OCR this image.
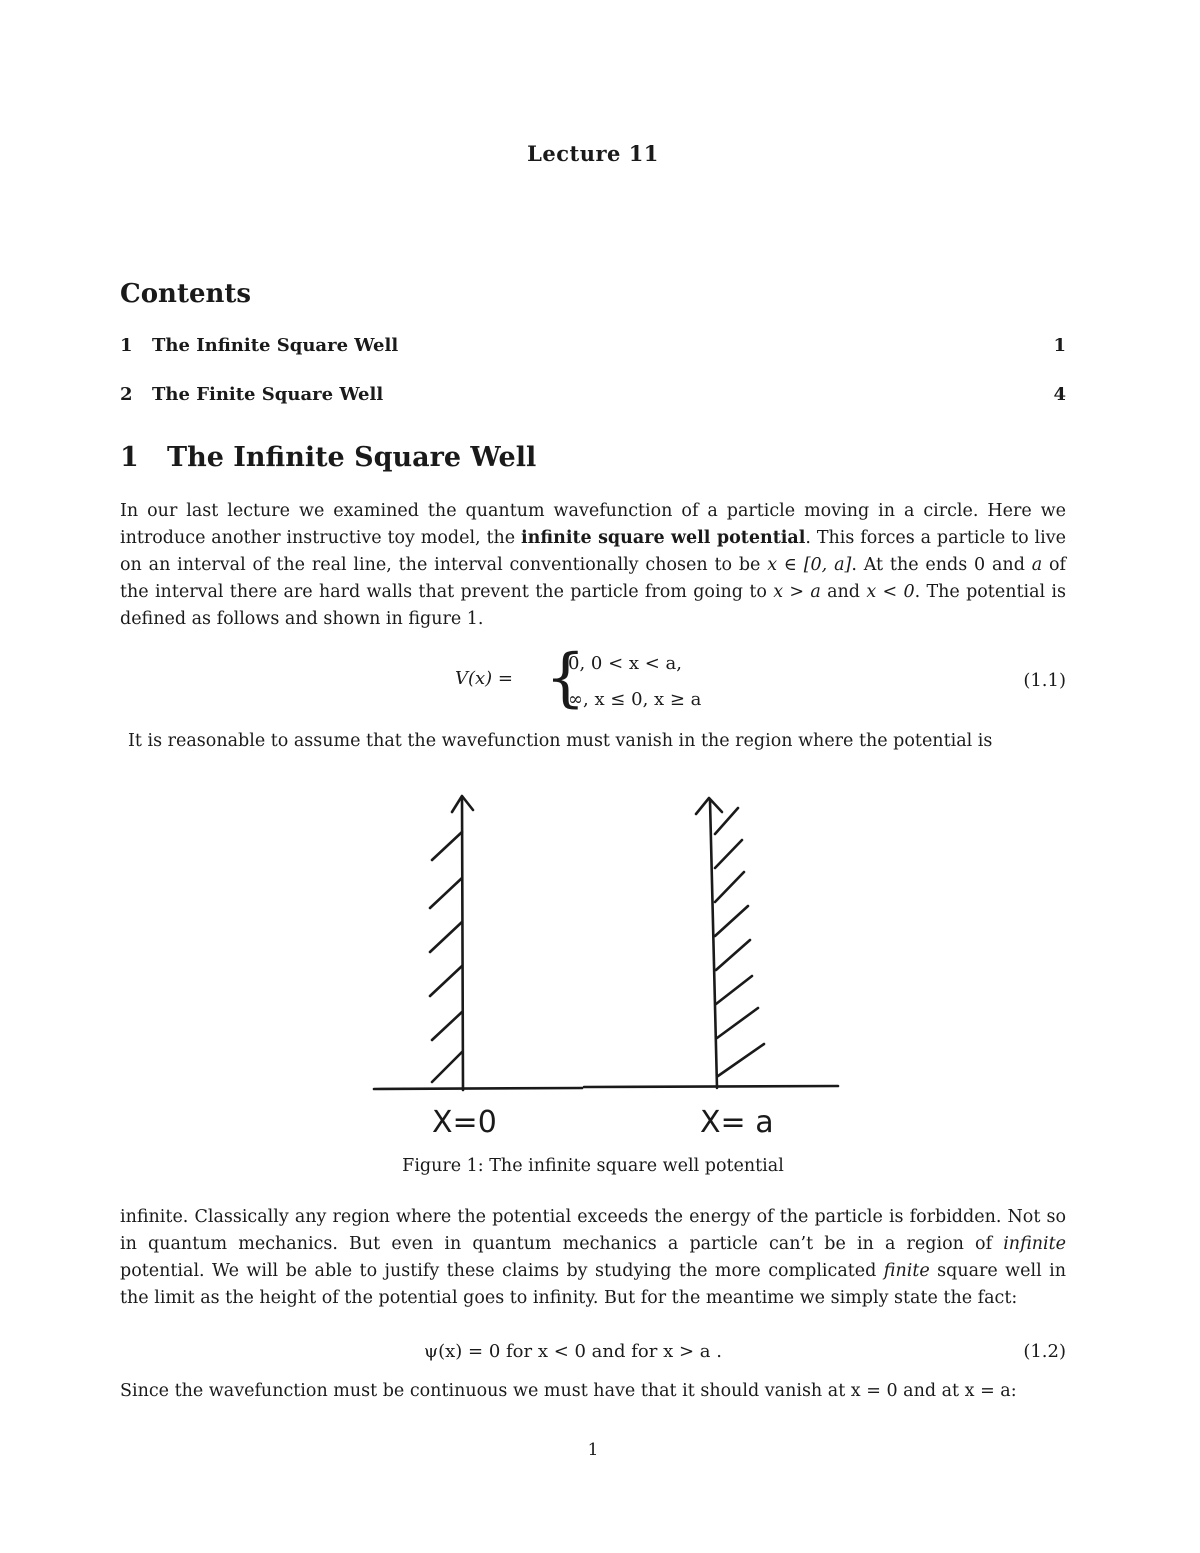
Lecture 11
Contents
1	The Infinite Square Well	1
2	The Finite Square Well	4
1 The Infinite Square Well
In our last lecture we examined the quantum wavefunction of a particle moving in a circle. Here we introduce another instructive toy model, the infinite square well potential. This forces a particle to live on an interval of the real line, the interval conventionally chosen to be x ∈ [0, a]. At the ends 0 and a of the interval there are hard walls that prevent the particle from going to x > a and x < 0. The potential is defined as follows and shown in figure 1.
V(x) = {
0, 0 < x < a,
∞, x ≤ 0, x ≥ a
(1.1)
It is reasonable to assume that the wavefunction must vanish in the region where the potential is
X=0	X= a
Figure 1: The infinite square well potential
infinite. Classically any region where the potential exceeds the energy of the particle is forbidden. Not so in quantum mechanics. But even in quantum mechanics a particle can’t be in a region of infinite potential. We will be able to justify these claims by studying the more complicated finite square well in the limit as the height of the potential goes to infinity. But for the meantime we simply state the fact:
ψ(x) = 0 for x < 0 and for x > a .	(1.2)
Since the wavefunction must be continuous we must have that it should vanish at x = 0 and at x = a:
1
